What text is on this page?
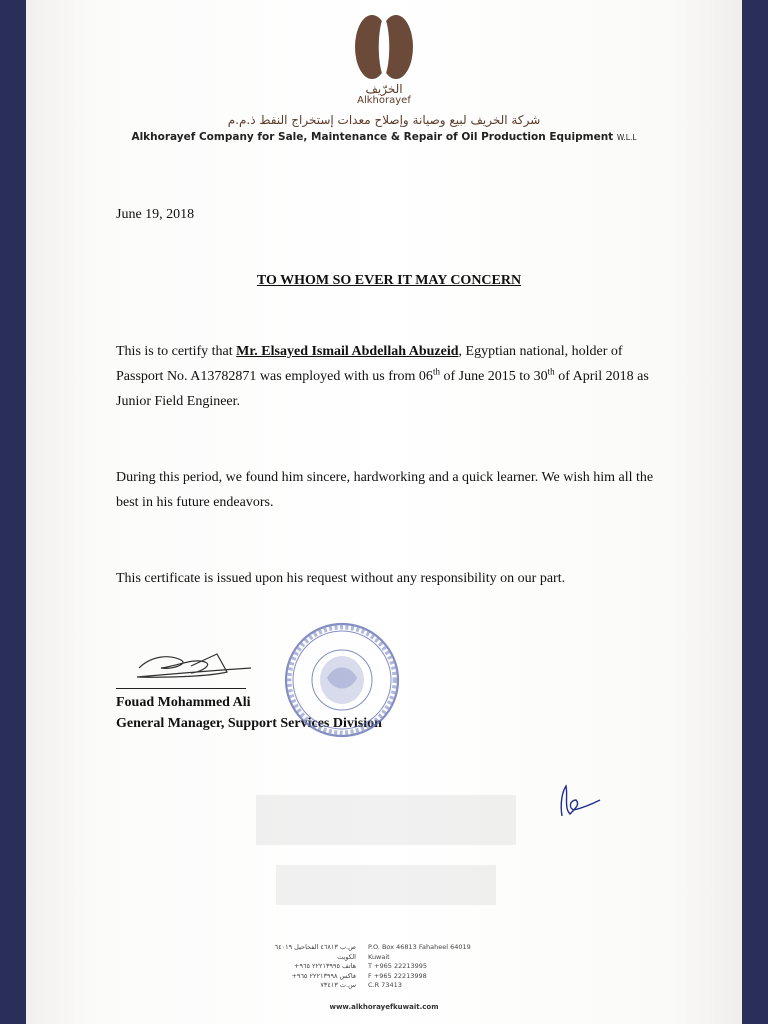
الخرّيف
Alkhorayef
شركة الخريف لبيع وصيانة وإصلاح معدات إستخراج النفط ذ.م.م
Alkhorayef Company for Sale, Maintenance & Repair of Oil Production Equipment W.L.L
June 19, 2018
TO WHOM SO EVER IT MAY CONCERN
This is to certify that Mr. Elsayed Ismail Abdellah Abuzeid, Egyptian national, holder of Passport No. A13782871 was employed with us from 06th of June 2015 to 30th of April 2018 as Junior Field Engineer.
During this period, we found him sincere, hardworking and a quick learner. We wish him all the best in his future endeavors.
This certificate is issued upon his request without any responsibility on our part.
Fouad Mohammed Ali
General Manager, Support Services Division
ص.ب ٤٦٨١٣ الفحاحيل ٦٤٠١٩
الكويت
هاتف ٢٢٢١٣٩٩٥ ٩٦٥+
فاكس ٢٢٢١٣٩٩٨ ٩٦٥+
س.ت ٧٣٤١٣
P.O. Box 46813 Fahaheel 64019
Kuwait
T +965 22213995
F +965 22213998
C.R 73413
www.alkhorayefkuwait.com
